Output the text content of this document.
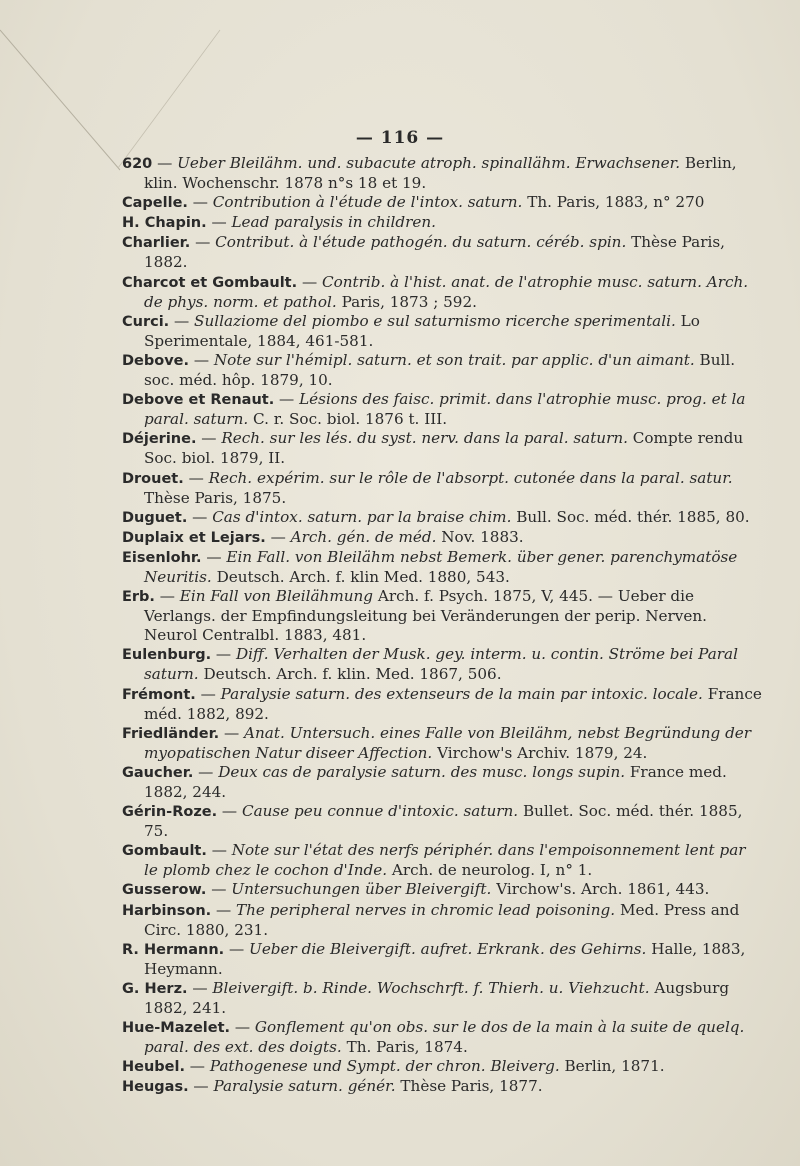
— 116 —

620 — Ueber Bleilähm. und. subacute atroph. spinallähm. Erwachsener. Berlin, klin. Wochenschr. 1878 n°s 18 et 19.

Capelle. — Contribution à l'étude de l'intox. saturn. Th. Paris, 1883, n° 270

H. Chapin. — Lead paralysis in children.

Charlier. — Contribut. à l'étude pathogén. du saturn. céréb. spin. Thèse Paris, 1882.

Charcot et Gombault. — Contrib. à l'hist. anat. de l'atrophie musc. saturn. Arch. de phys. norm. et pathol. Paris, 1873 ; 592.

Curci. — Sullaziome del piombo e sul saturnismo ricerche sperimentali. Lo Sperimentale, 1884, 461-581.

Debove. — Note sur l'hémipl. saturn. et son trait. par applic. d'un aimant. Bull. soc. méd. hôp. 1879, 10.

Debove et Renaut. — Lésions des faisc. primit. dans l'atrophie musc. prog. et la paral. saturn. C. r. Soc. biol. 1876 t. III.

Déjerine. — Rech. sur les lés. du syst. nerv. dans la paral. saturn. Compte rendu Soc. biol. 1879, II.

Drouet. — Rech. expérim. sur le rôle de l'absorpt. cutonée dans la paral. satur. Thèse Paris, 1875.

Duguet. — Cas d'intox. saturn. par la braise chim. Bull. Soc. méd. thér. 1885, 80.

Duplaix et Lejars. — Arch. gén. de méd. Nov. 1883.

Eisenlohr. — Ein Fall. von Bleilähm nebst Bemerk. über gener. parenchymatöse Neuritis. Deutsch. Arch. f. klin Med. 1880, 543.

Erb. — Ein Fall von Bleilähmung Arch. f. Psych. 1875, V, 445. — Ueber die Verlangs. der Empfindungsleitung bei Veränderungen der perip. Nerven. Neurol Centralbl. 1883, 481.

Eulenburg. — Diff. Verhalten der Musk. gey. interm. u. contin. Ströme bei Paral saturn. Deutsch. Arch. f. klin. Med. 1867, 506.

Frémont. — Paralysie saturn. des extenseurs de la main par intoxic. locale. France méd. 1882, 892.

Friedländer. — Anat. Untersuch. eines Falle von Bleilähm, nebst Begründung der myopatischen Natur diseer Affection. Virchow's Archiv. 1879, 24.

Gaucher. — Deux cas de paralysie saturn. des musc. longs supin. France med. 1882, 244.

Gérin-Roze. — Cause peu connue d'intoxic. saturn. Bullet. Soc. méd. thér. 1885, 75.

Gombault. — Note sur l'état des nerfs périphér. dans l'empoisonnement lent par le plomb chez le cochon d'Inde. Arch. de neurolog. I, n° 1.

Gusserow. — Untersuchungen über Bleivergift. Virchow's. Arch. 1861, 443.

Harbinson. — The peripheral nerves in chromic lead poisoning. Med. Press and Circ. 1880, 231.

R. Hermann. — Ueber die Bleivergift. aufret. Erkrank. des Gehirns. Halle, 1883, Heymann.

G. Herz. — Bleivergift. b. Rinde. Wochschrft. f. Thierh. u. Viehzucht. Augsburg 1882, 241.

Hue-Mazelet. — Gonflement qu'on obs. sur le dos de la main à la suite de quelq. paral. des ext. des doigts. Th. Paris, 1874.

Heubel. — Pathogenese und Sympt. der chron. Bleiverg. Berlin, 1871.

Heugas. — Paralysie saturn. génér. Thèse Paris, 1877.
